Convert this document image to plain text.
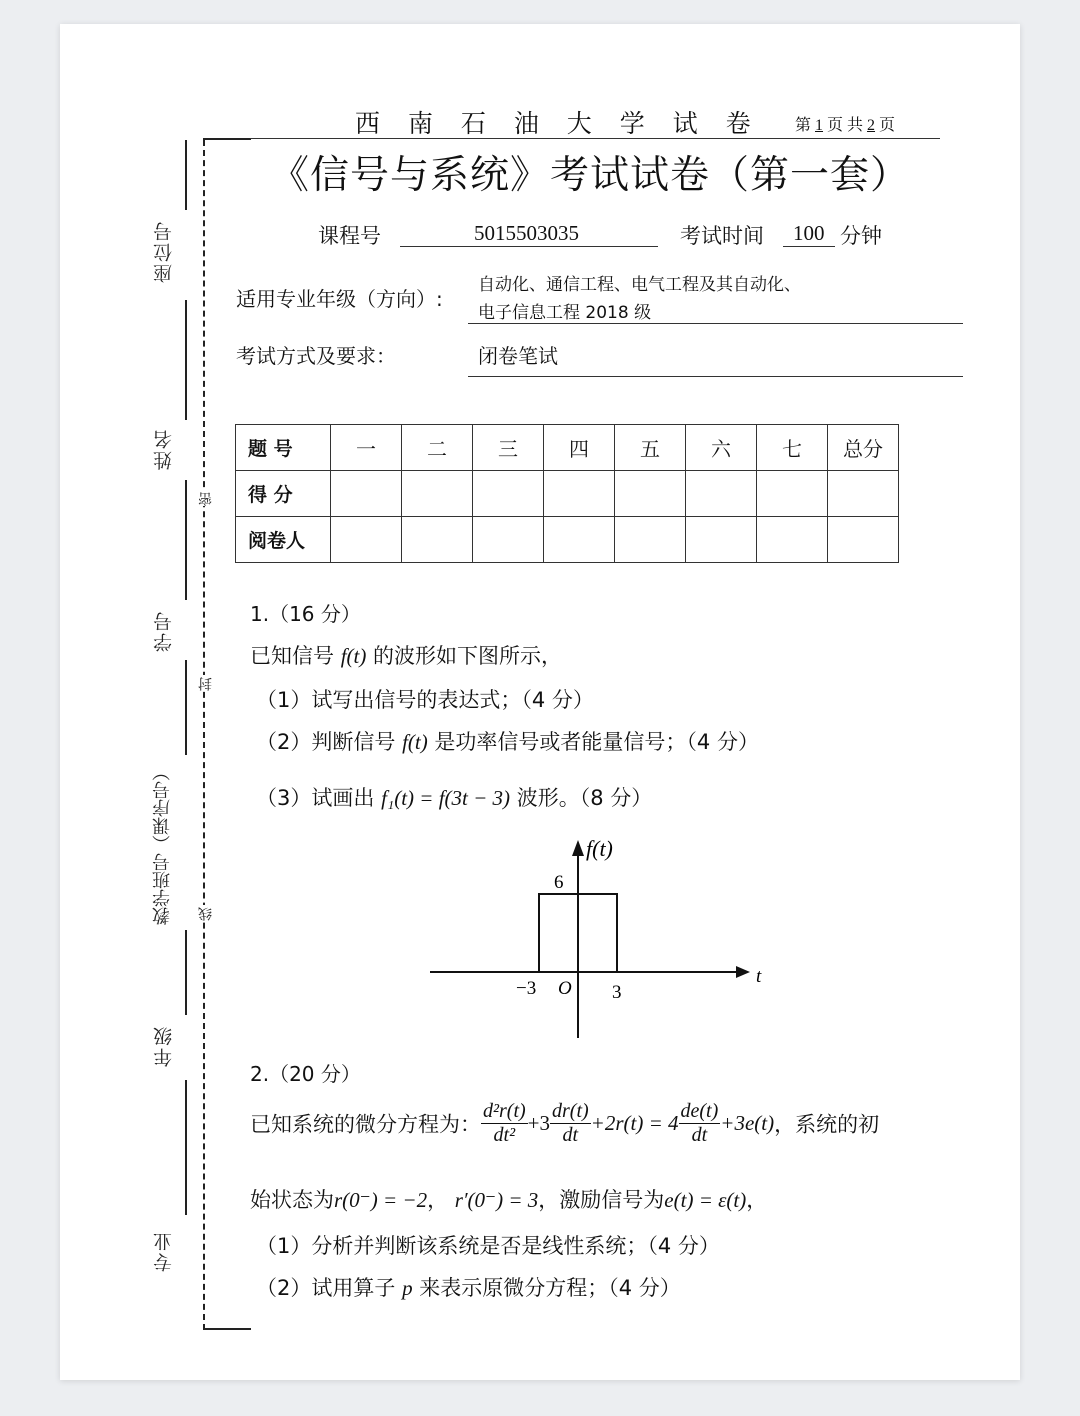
座位号
姓名
学号
教学班号（课序号）
年级
专业
密
封
线
西 南 石 油 大 学 试 卷 第 1 页 共 2 页
《信号与系统》考试试卷（第一套）
课程号	5015503035	考试时间 100 分钟
适用专业年级（方向）:
自动化、通信工程、电气工程及其自动化、
电子信息工程 2018 级
考试方式及要求：	闭卷笔试
题 号	一	二	三	四	五	六	七	总分
得 分								
阅卷人								
1.（16 分）
已知信号 f(t) 的波形如下图所示，
（1）试写出信号的表达式；（4 分）
（2）判断信号 f(t) 是功率信号或者能量信号；（4 分）
（3）试画出 f₁(t) = f(3t − 3) 波形。（8 分）
f(t)
t
6
−3 O 3
2.（20 分）
已知系统的微分方程为： $\frac{\text{d²r(t)}}{\text{dt²}} +3 \frac{dr(t)}{dt} +2r(t) = 4 \frac{de(t)}{dt} +3e(t)$，系统的初
始状态为r(0⁻) = −2， r′(0⁻) = 3，激励信号为e(t) = ε(t)，
（1）分析并判断该系统是否是线性系统；（4 分）
（2）试用算子 p 来表示原微分方程；（4 分）
